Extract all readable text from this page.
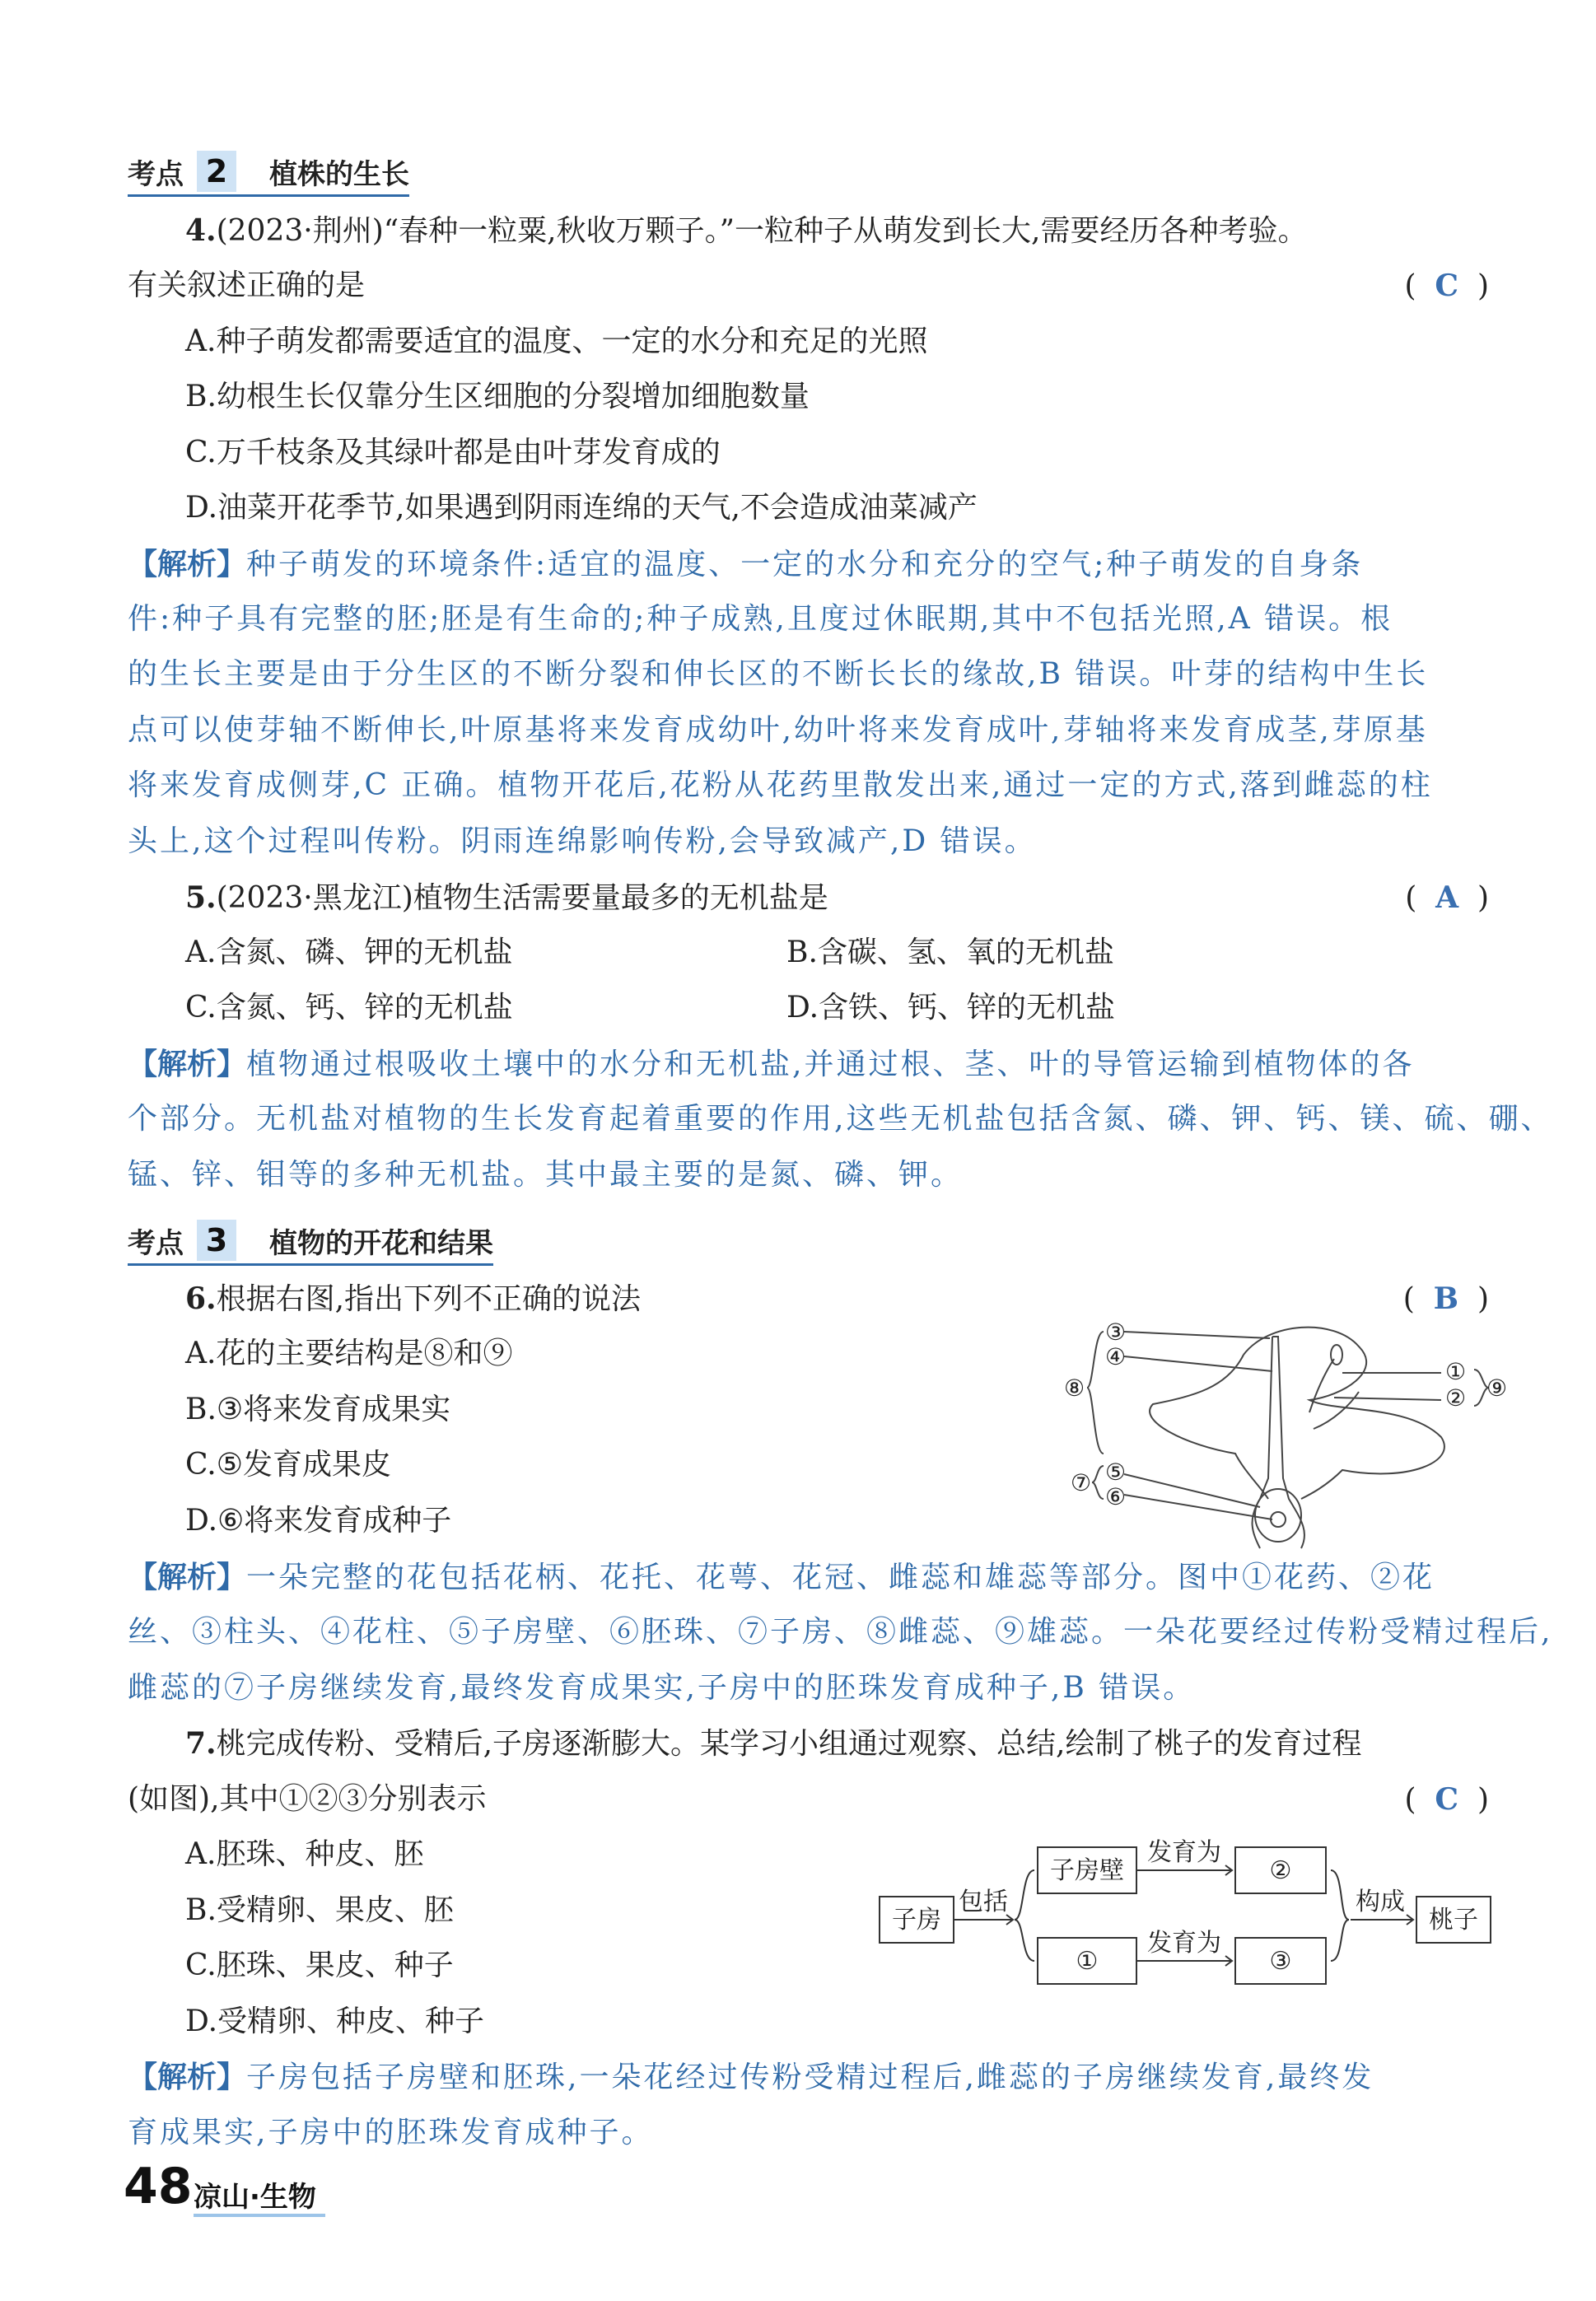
考点 2	植株的生长
4.(2023·荆州)“春种一粒粟,秋收万颗子。”一粒种子从萌发到长大,需要经历各种考验。
有关叙述正确的是	(  C  )
A.种子萌发都需要适宜的温度、一定的水分和充足的光照
B.幼根生长仅靠分生区细胞的分裂增加细胞数量
C.万千枝条及其绿叶都是由叶芽发育成的
D.油菜开花季节,如果遇到阴雨连绵的天气,不会造成油菜减产
【解析】种子萌发的环境条件:适宜的温度、一定的水分和充分的空气;种子萌发的自身条
件:种子具有完整的胚;胚是有生命的;种子成熟,且度过休眠期,其中不包括光照,A 错误。根
的生长主要是由于分生区的不断分裂和伸长区的不断长长的缘故,B 错误。叶芽的结构中生长
点可以使芽轴不断伸长,叶原基将来发育成幼叶,幼叶将来发育成叶,芽轴将来发育成茎,芽原基
将来发育成侧芽,C 正确。植物开花后,花粉从花药里散发出来,通过一定的方式,落到雌蕊的柱
头上,这个过程叫传粉。阴雨连绵影响传粉,会导致减产,D 错误。
5.(2023·黑龙江)植物生活需要量最多的无机盐是	(  A  )
A.含氮、磷、钾的无机盐	B.含碳、氢、氧的无机盐
C.含氮、钙、锌的无机盐	D.含铁、钙、锌的无机盐
【解析】植物通过根吸收土壤中的水分和无机盐,并通过根、茎、叶的导管运输到植物体的各
个部分。无机盐对植物的生长发育起着重要的作用,这些无机盐包括含氮、磷、钾、钙、镁、硫、硼、
锰、锌、钼等的多种无机盐。其中最主要的是氮、磷、钾。
考点 3	植物的开花和结果
6.根据右图,指出下列不正确的说法	(  B  )
A.花的主要结构是⑧和⑨
B.③将来发育成果实
C.⑤发育成果皮
D.⑥将来发育成种子
③
④
⑧
⑦ ⑤
⑥
①
② ⑨
【解析】一朵完整的花包括花柄、花托、花萼、花冠、雌蕊和雄蕊等部分。图中①花药、②花
丝、③柱头、④花柱、⑤子房壁、⑥胚珠、⑦子房、⑧雌蕊、⑨雄蕊。一朵花要经过传粉受精过程后,
雌蕊的⑦子房继续发育,最终发育成果实,子房中的胚珠发育成种子,B 错误。
7.桃完成传粉、受精后,子房逐渐膨大。某学习小组通过观察、总结,绘制了桃子的发育过程
(如图),其中①②③分别表示	(  C  )
A.胚珠、种皮、胚
B.受精卵、果皮、胚
C.胚珠、果皮、种子
D.受精卵、种皮、种子
子房
包括
子房壁
发育为
②
①
发育为
③
构成
桃子
【解析】子房包括子房壁和胚珠,一朵花经过传粉受精过程后,雌蕊的子房继续发育,最终发
育成果实,子房中的胚珠发育成种子。
48 凉山·生物
